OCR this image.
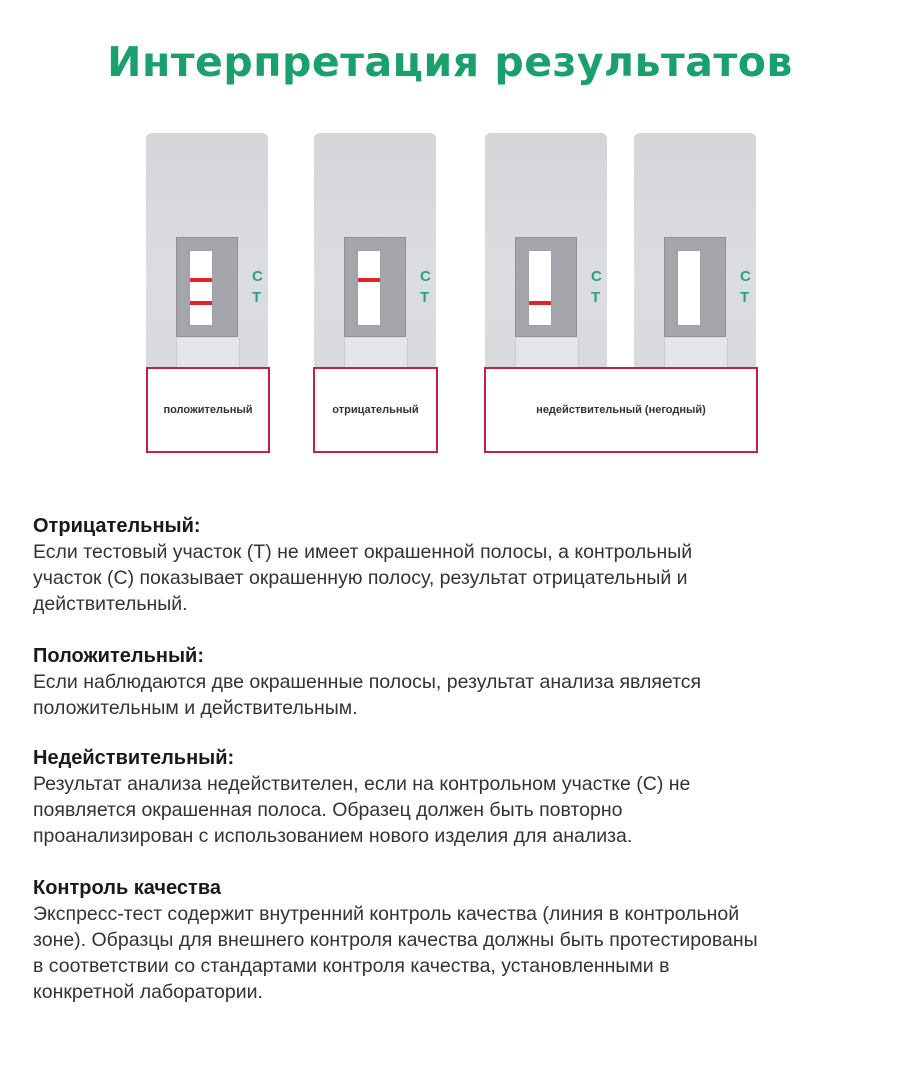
Интерпретация результатов
C
T
C
T
C
T
C
T
положительный	отрицательный	недействительный (негодный)
Отрицательный:
Если тестовый участок (T) не имеет окрашенной полосы, а контрольный
участок (C) показывает окрашенную полосу, результат отрицательный и
действительный.
Положительный:
Если наблюдаются две окрашенные полосы, результат анализа является
положительным и действительным.
Недействительный:
Результат анализа недействителен, если на контрольном участке (C) не
появляется окрашенная полоса. Образец должен быть повторно
проанализирован с использованием нового изделия для анализа.
Контроль качества
Экспресс-тест содержит внутренний контроль качества (линия в контрольной
зоне). Образцы для внешнего контроля качества должны быть протестированы
в соответствии со стандартами контроля качества, установленными в
конкретной лаборатории.
